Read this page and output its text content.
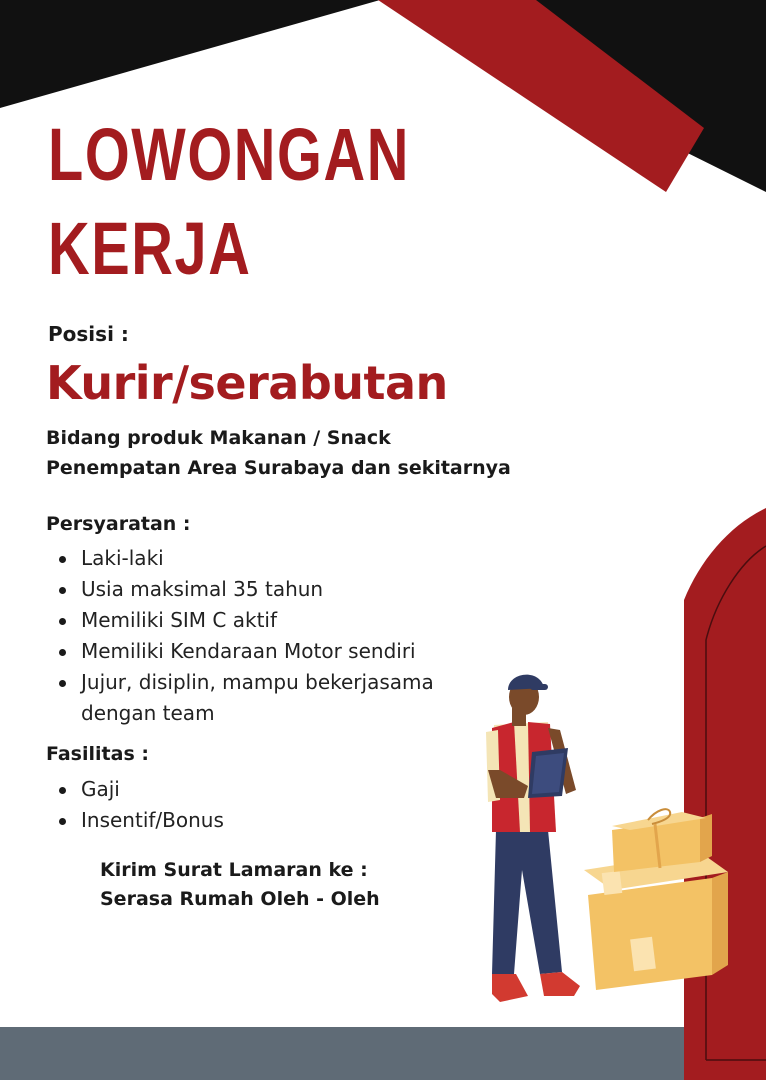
LOWONGAN
KERJA
Posisi :
Kurir/serabutan
Bidang produk Makanan / Snack
Penempatan Area Surabaya dan sekitarnya
Persyaratan :
Laki-laki
Usia maksimal 35 tahun
Memiliki SIM C aktif
Memiliki Kendaraan Motor sendiri
Jujur, disiplin, mampu bekerjasama
dengan team
Fasilitas :
Gaji
Insentif/Bonus
Kirim Surat Lamaran ke :
Serasa Rumah Oleh - Oleh
